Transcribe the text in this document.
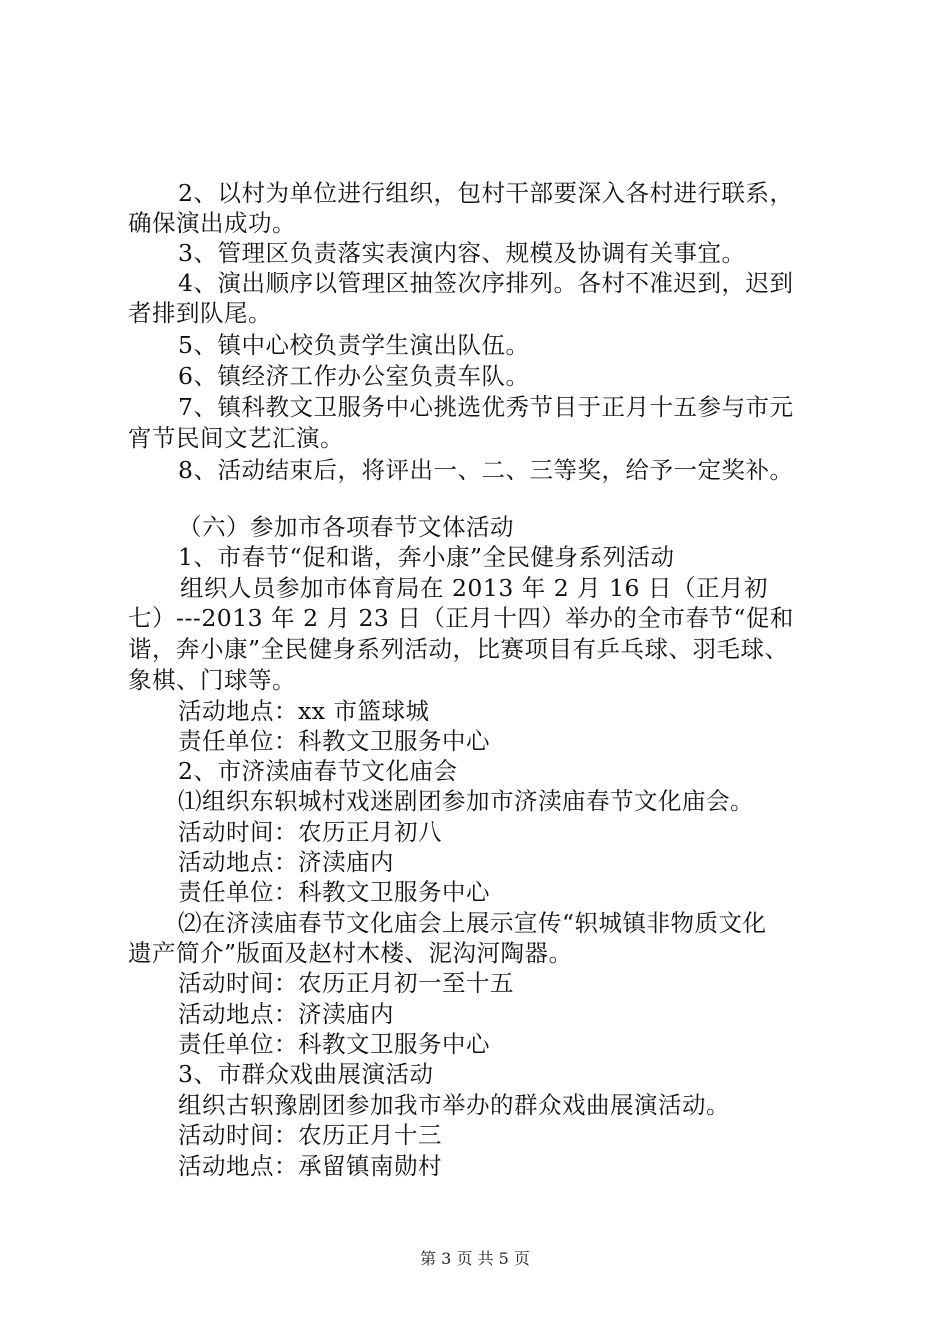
2、以村为单位进行组织，包村干部要深入各村进行联系，
确保演出成功。
3、管理区负责落实表演内容、规模及协调有关事宜。
4、演出顺序以管理区抽签次序排列。各村不准迟到，迟到
者排到队尾。
5、镇中心校负责学生演出队伍。
6、镇经济工作办公室负责车队。
7、镇科教文卫服务中心挑选优秀节目于正月十五参与市元
宵节民间文艺汇演。
8、活动结束后，将评出一、二、三等奖，给予一定奖补。
（六）参加市各项春节文体活动
1、市春节“促和谐，奔小康”全民健身系列活动
组织人员参加市体育局在 2013 年 2 月 16 日（正月初
七）---2013 年 2 月 23 日（正月十四）举办的全市春节“促和
谐，奔小康”全民健身系列活动，比赛项目有乒乓球、羽毛球、
象棋、门球等。
活动地点：xx 市篮球城
责任单位：科教文卫服务中心
2、市济渎庙春节文化庙会
⑴组织东轵城村戏迷剧团参加市济渎庙春节文化庙会。
活动时间：农历正月初八
活动地点：济渎庙内
责任单位：科教文卫服务中心
⑵在济渎庙春节文化庙会上展示宣传“轵城镇非物质文化
遗产简介”版面及赵村木楼、泥沟河陶器。
活动时间：农历正月初一至十五
活动地点：济渎庙内
责任单位：科教文卫服务中心
3、市群众戏曲展演活动
组织古轵豫剧团参加我市举办的群众戏曲展演活动。
活动时间：农历正月十三
活动地点：承留镇南勋村
第 3 页 共 5 页
